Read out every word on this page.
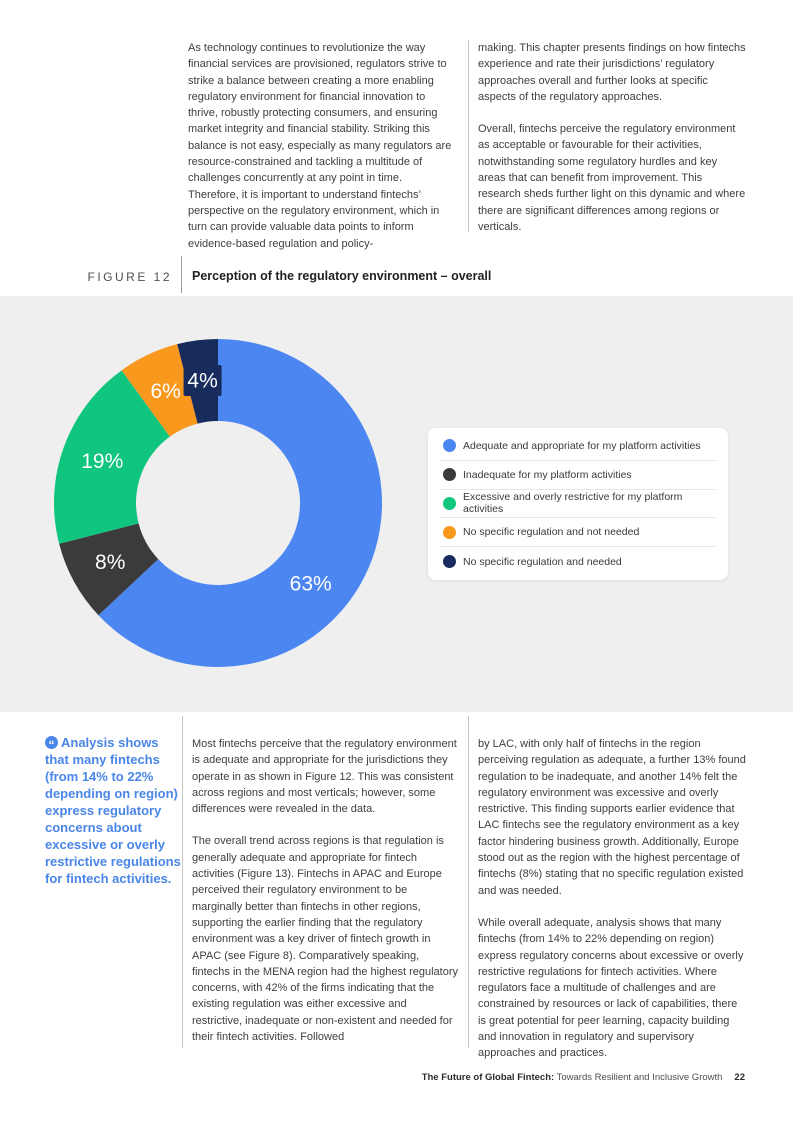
As technology continues to revolutionize the way financial services are provisioned, regulators strive to strike a balance between creating a more enabling regulatory environment for financial innovation to thrive, robustly protecting consumers, and ensuring market integrity and financial stability. Striking this balance is not easy, especially as many regulators are resource-constrained and tackling a multitude of challenges concurrently at any point in time. Therefore, it is important to understand fintechs’ perspective on the regulatory environment, which in turn can provide valuable data points to inform evidence-based regulation and policy-

making. This chapter presents findings on how fintechs experience and rate their jurisdictions’ regulatory approaches overall and further looks at specific aspects of the regulatory approaches.

Overall, fintechs perceive the regulatory environment as acceptable or favourable for their activities, notwithstanding some regulatory hurdles and key areas that can benefit from improvement. This research sheds further light on this dynamic and where there are significant differences among regions or verticals.

FIGURE 12 Perception of the regulatory environment – overall
63%
8%
19%
6% 4%
Adequate and appropriate for my platform activities
Inadequate for my platform activities
Excessive and overly restrictive for my platform activities
No specific regulation and not needed
No specific regulation and needed
“ Analysis shows that many fintechs (from 14% to 22% depending on region) express regulatory concerns about excessive or overly restrictive regulations for fintech activities.

Most fintechs perceive that the regulatory environment is adequate and appropriate for the jurisdictions they operate in as shown in Figure 12. This was consistent across regions and most verticals; however, some differences were revealed in the data.

The overall trend across regions is that regulation is generally adequate and appropriate for fintech activities (Figure 13). Fintechs in APAC and Europe perceived their regulatory environment to be marginally better than fintechs in other regions, supporting the earlier finding that the regulatory environment was a key driver of fintech growth in APAC (see Figure 8). Comparatively speaking, fintechs in the MENA region had the highest regulatory concerns, with 42% of the firms indicating that the existing regulation was either excessive and restrictive, inadequate or non-existent and needed for their fintech activities. Followed

by LAC, with only half of fintechs in the region perceiving regulation as adequate, a further 13% found regulation to be inadequate, and another 14% felt the regulatory environment was excessive and overly restrictive. This finding supports earlier evidence that LAC fintechs see the regulatory environment as a key factor hindering business growth. Additionally, Europe stood out as the region with the highest percentage of fintechs (8%) stating that no specific regulation existed and was needed.

While overall adequate, analysis shows that many fintechs (from 14% to 22% depending on region) express regulatory concerns about excessive or overly restrictive regulations for fintech activities. Where regulators face a multitude of challenges and are constrained by resources or lack of capabilities, there is great potential for peer learning, capacity building and innovation in regulatory and supervisory approaches and practices.

The Future of Global Fintech: Towards Resilient and Inclusive Growth 22
